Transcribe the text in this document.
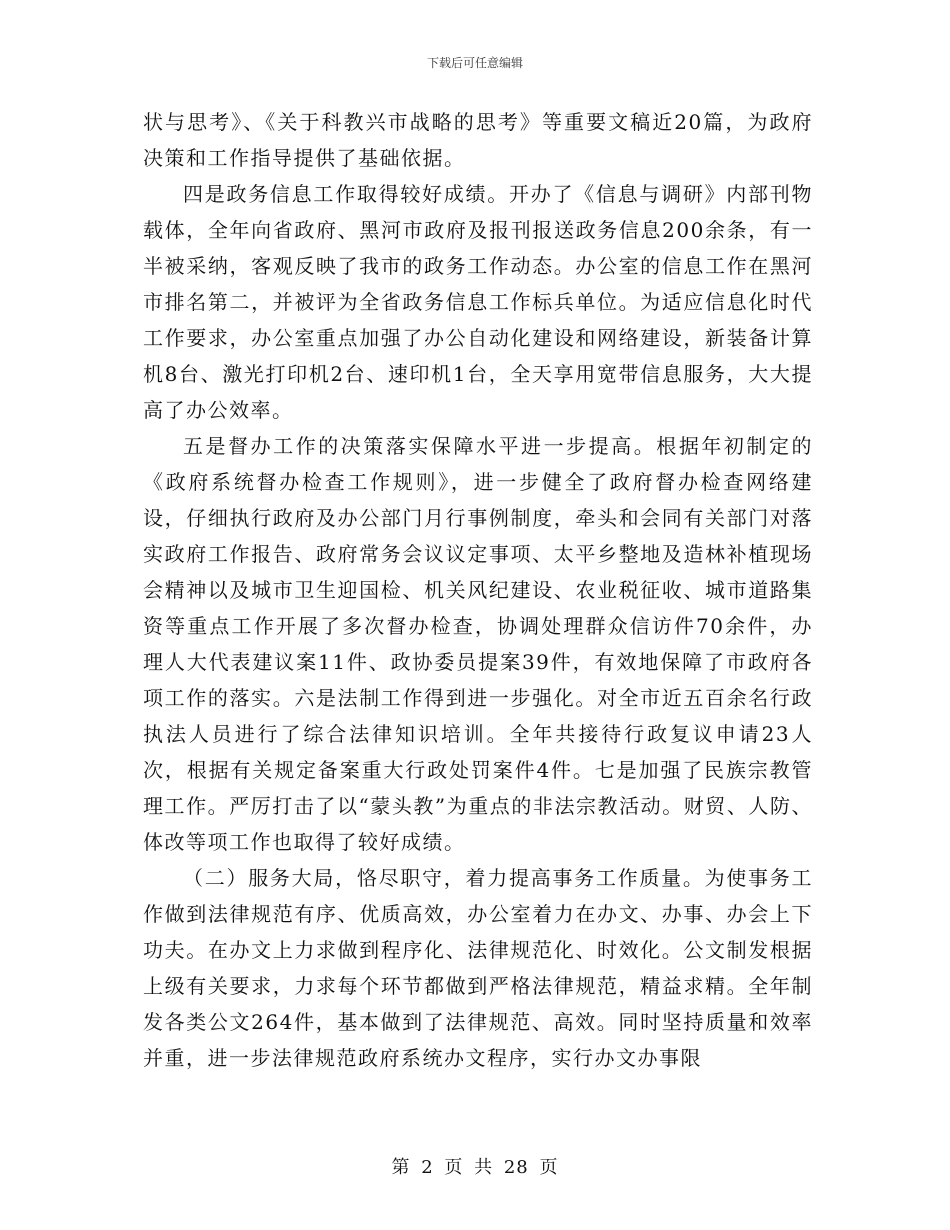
下载后可任意编辑

状与思考》、《关于科教兴市战略的思考》等重要文稿近20篇，为政府决策和工作指导提供了基础依据。

四是政务信息工作取得较好成绩。开办了《信息与调研》内部刊物载体，全年向省政府、黑河市政府及报刊报送政务信息200余条，有一半被采纳，客观反映了我市的政务工作动态。办公室的信息工作在黑河市排名第二，并被评为全省政务信息工作标兵单位。为适应信息化时代工作要求，办公室重点加强了办公自动化建设和网络建设，新装备计算机8台、激光打印机2台、速印机1台，全天享用宽带信息服务，大大提高了办公效率。

五是督办工作的决策落实保障水平进一步提高。根据年初制定的《政府系统督办检查工作规则》，进一步健全了政府督办检查网络建设，仔细执行政府及办公部门月行事例制度，牵头和会同有关部门对落实政府工作报告、政府常务会议议定事项、太平乡整地及造林补植现场会精神以及城市卫生迎国检、机关风纪建设、农业税征收、城市道路集资等重点工作开展了多次督办检查，协调处理群众信访件70余件，办理人大代表建议案11件、政协委员提案39件，有效地保障了市政府各项工作的落实。六是法制工作得到进一步强化。对全市近五百余名行政执法人员进行了综合法律知识培训。全年共接待行政复议申请23人次，根据有关规定备案重大行政处罚案件4件。七是加强了民族宗教管理工作。严厉打击了以“蒙头教”为重点的非法宗教活动。财贸、人防、体改等项工作也取得了较好成绩。

（二）服务大局，恪尽职守，着力提高事务工作质量。为使事务工作做到法律规范有序、优质高效，办公室着力在办文、办事、办会上下功夫。在办文上力求做到程序化、法律规范化、时效化。公文制发根据上级有关要求，力求每个环节都做到严格法律规范，精益求精。全年制发各类公文264件，基本做到了法律规范、高效。同时坚持质量和效率并重，进一步法律规范政府系统办文程序，实行办文办事限

第 2 页 共 28 页
